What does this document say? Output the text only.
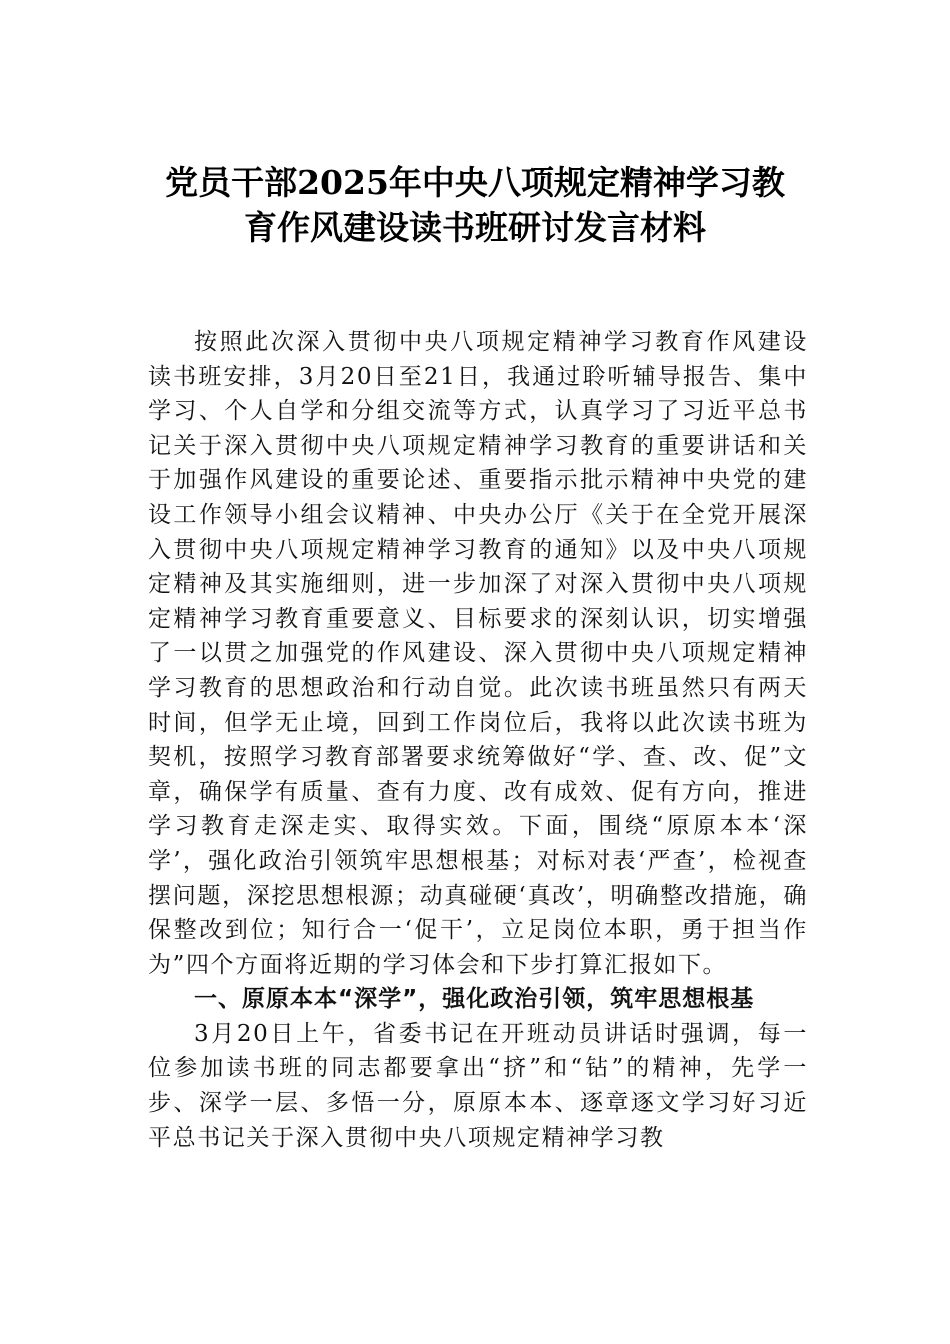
党员干部2025年中央八项规定精神学习教
育作风建设读书班研讨发言材料

按照此次深入贯彻中央八项规定精神学习教育作风建设读书班安排，3月20日至21日，我通过聆听辅导报告、集中学习、个人自学和分组交流等方式，认真学习了习近平总书记关于深入贯彻中央八项规定精神学习教育的重要讲话和关于加强作风建设的重要论述、重要指示批示精神中央党的建设工作领导小组会议精神、中央办公厅《关于在全党开展深入贯彻中央八项规定精神学习教育的通知》以及中央八项规定精神及其实施细则，进一步加深了对深入贯彻中央八项规定精神学习教育重要意义、目标要求的深刻认识，切实增强了一以贯之加强党的作风建设、深入贯彻中央八项规定精神学习教育的思想政治和行动自觉。此次读书班虽然只有两天时间，但学无止境，回到工作岗位后，我将以此次读书班为契机，按照学习教育部署要求统筹做好“学、查、改、促”文章，确保学有质量、查有力度、改有成效、促有方向，推进学习教育走深走实、取得实效。下面，围绕“原原本本‘深学’，强化政治引领筑牢思想根基；对标对表‘严查’，检视查摆问题，深挖思想根源；动真碰硬‘真改’，明确整改措施，确保整改到位；知行合一‘促干’，立足岗位本职，勇于担当作为”四个方面将近期的学习体会和下步打算汇报如下。

一、原原本本“深学”，强化政治引领，筑牢思想根基

3月20日上午，省委书记在开班动员讲话时强调，每一位参加读书班的同志都要拿出“挤”和“钻”的精神，先学一步、深学一层、多悟一分，原原本本、逐章逐文学习好习近平总书记关于深入贯彻中央八项规定精神学习教
